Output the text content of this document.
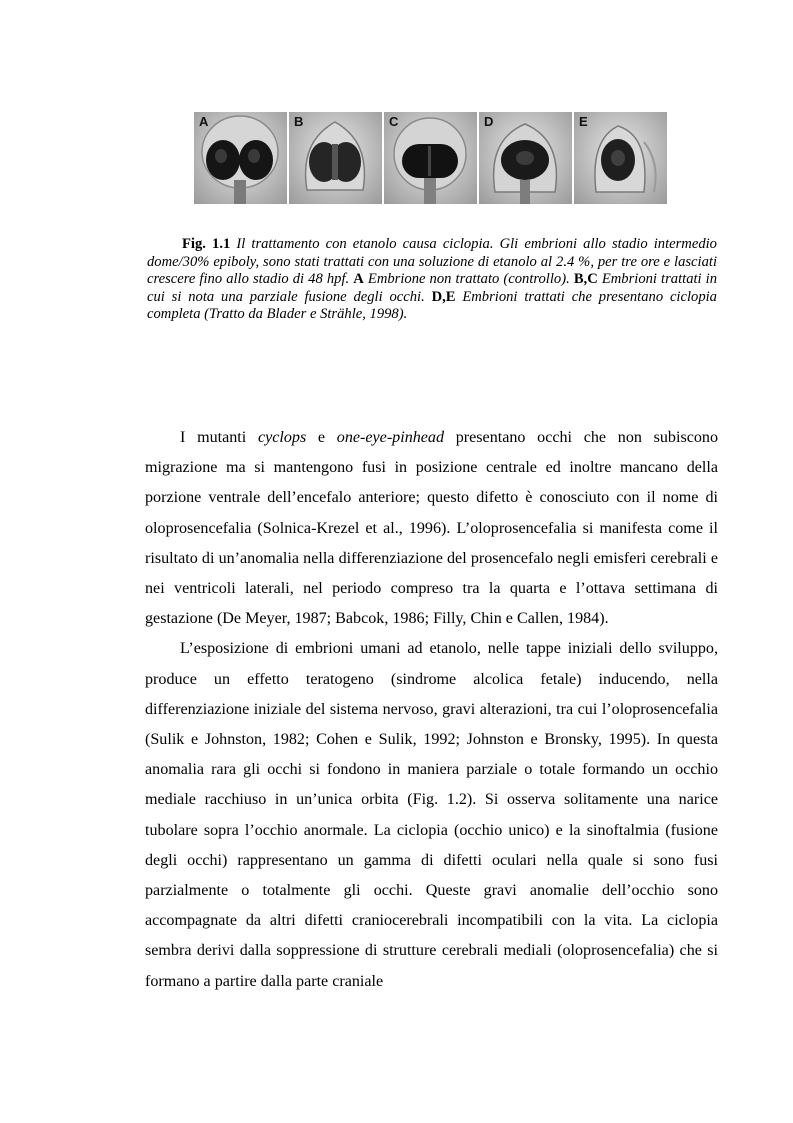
A	B	C	D	E
Fig. 1.1 Il trattamento con etanolo causa ciclopia. Gli embrioni allo stadio intermedio dome/30% epiboly, sono stati trattati con una soluzione di etanolo al 2.4 %, per tre ore e lasciati crescere fino allo stadio di 48 hpf. A Embrione non trattato (controllo). B,C Embrioni trattati in cui si nota una parziale fusione degli occhi. D,E Embrioni trattati che presentano ciclopia completa (Tratto da Blader e Strähle, 1998).

I mutanti cyclops e one-eye-pinhead presentano occhi che non subiscono migrazione ma si mantengono fusi in posizione centrale ed inoltre mancano della porzione ventrale dell’encefalo anteriore; questo difetto è conosciuto con il nome di oloprosencefalia (Solnica-Krezel et al., 1996). L’oloprosencefalia si manifesta come il risultato di un’anomalia nella differenziazione del prosencefalo negli emisferi cerebrali e nei ventricoli laterali, nel periodo compreso tra la quarta e l’ottava settimana di gestazione (De Meyer, 1987; Babcok, 1986; Filly, Chin e Callen, 1984).

L’esposizione di embrioni umani ad etanolo, nelle tappe iniziali dello sviluppo, produce un effetto teratogeno (sindrome alcolica fetale) inducendo, nella differenziazione iniziale del sistema nervoso, gravi alterazioni, tra cui l’oloprosencefalia (Sulik e Johnston, 1982; Cohen e Sulik, 1992; Johnston e Bronsky, 1995). In questa anomalia rara gli occhi si fondono in maniera parziale o totale formando un occhio mediale racchiuso in un’unica orbita (Fig. 1.2). Si osserva solitamente una narice tubolare sopra l’occhio anormale. La ciclopia (occhio unico) e la sinoftalmia (fusione degli occhi) rappresentano un gamma di difetti oculari nella quale si sono fusi parzialmente o totalmente gli occhi. Queste gravi anomalie dell’occhio sono accompagnate da altri difetti craniocerebrali incompatibili con la vita. La ciclopia sembra derivi dalla soppressione di strutture cerebrali mediali (oloprosencefalia) che si formano a partire dalla parte craniale
